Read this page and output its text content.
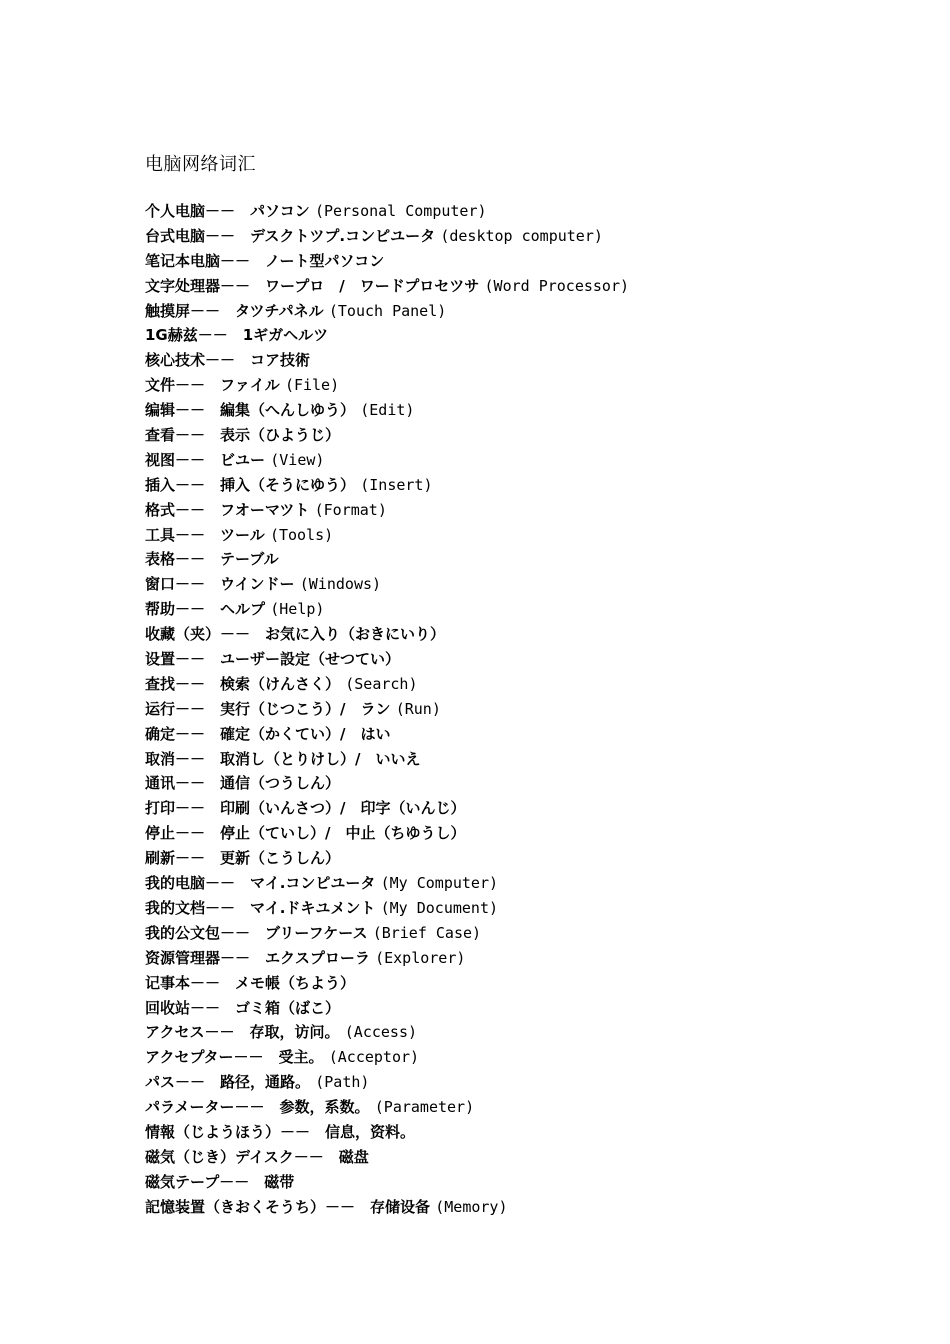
电脑网络词汇
个人电脑－－　パソコン (Personal Computer)
台式电脑－－　デスクトツプ.コンピユータ (desktop computer)
笔记本电脑－－　ノート型パソコン
文字处理器－－　ワープロ　/　ワードプロセツサ (Word Processor)
触摸屏－－　タツチパネル (Touch Panel)
1G赫兹－－　1ギガヘルツ
核心技术－－　コア技術
文件－－　ファイル (File)
编辑－－　編集（へんしゆう） (Edit)
查看－－　表示（ひようじ）
视图－－　ビユー (View)
插入－－　挿入（そうにゆう） (Insert)
格式－－　フオーマツト (Format)
工具－－　ツール (Tools)
表格－－　テーブル
窗口－－　ウインドー (Windows)
帮助－－　ヘルプ (Help)
收藏（夹）－－　お気に入り（おきにいり）
设置－－　ユーザー設定（せつてい）
查找－－　検索（けんさく） (Search)
运行－－　実行（じつこう）/　ラン (Run)
确定－－　確定（かくてい）/　はい
取消－－　取消し（とりけし）/　いいえ
通讯－－　通信（つうしん）
打印－－　印刷（いんさつ）/　印字（いんじ）
停止－－　停止（ていし）/　中止（ちゆうし）
刷新－－　更新（こうしん）
我的电脑－－　マイ.コンピユータ (My Computer)
我的文档－－　マイ.ドキユメント (My Document)
我的公文包－－　ブリーフケース (Brief Case)
资源管理器－－　エクスプローラ (Explorer)
记事本－－　メモ帳（ちよう）
回收站－－　ゴミ箱（ばこ）
アクセス－－　存取，访问。 (Access)
アクセプター－－　受主。 (Acceptor)
パス－－　路径，通路。 (Path)
パラメーター－－　参数，系数。 (Parameter)
情報（じようほう）－－　信息，资料。
磁気（じき）デイスク－－　磁盘
磁気テープ－－　磁带
記憶装置（きおくそうち）－－　存储设备 (Memory)
